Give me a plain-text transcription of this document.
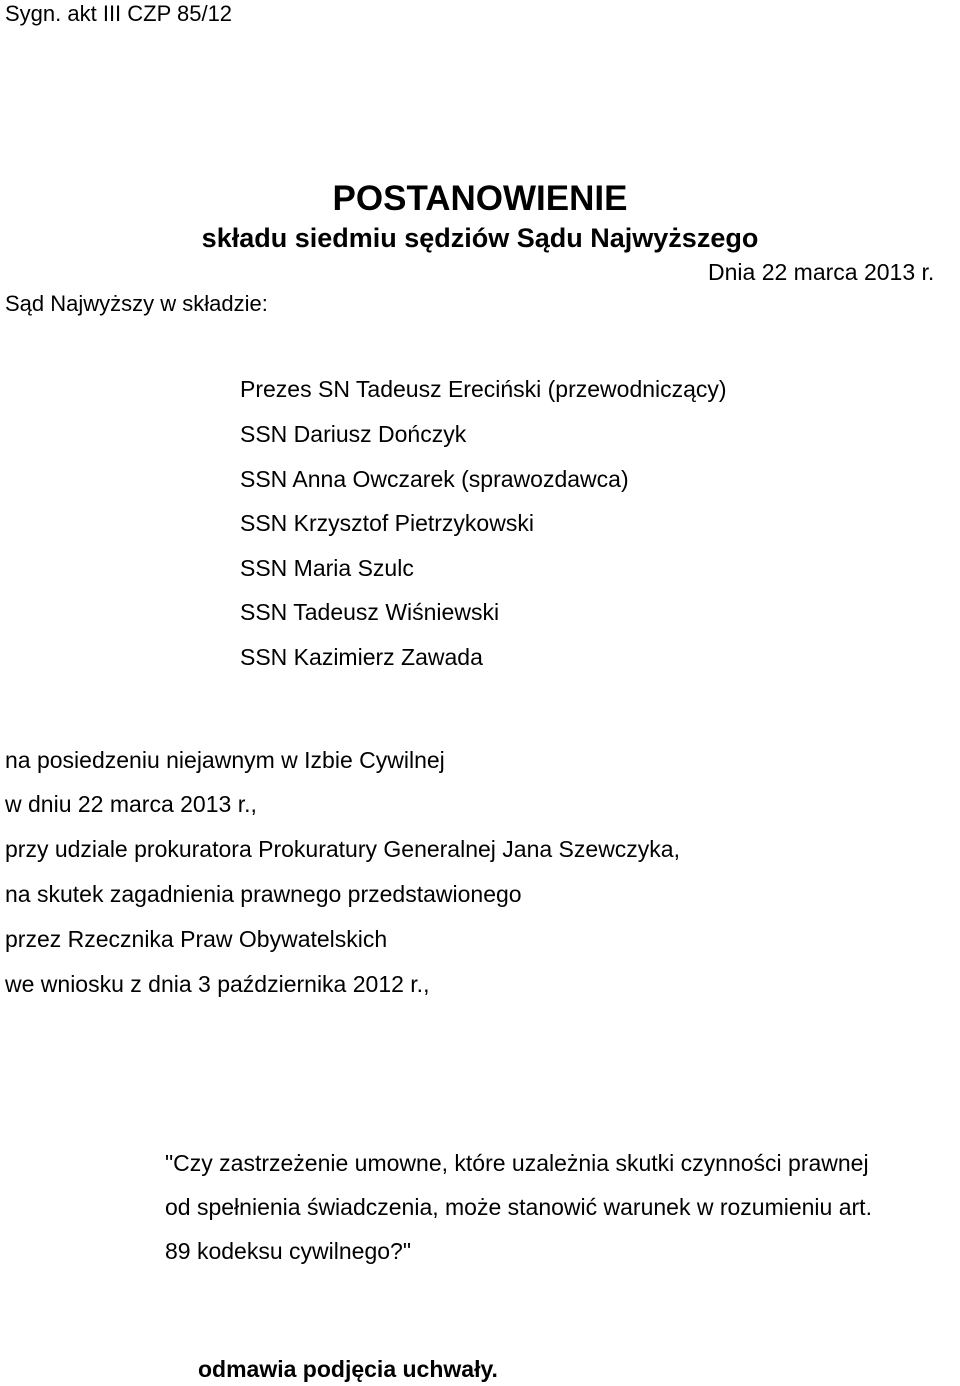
Sygn. akt III CZP 85/12
POSTANOWIENIE
składu siedmiu sędziów Sądu Najwyższego
Dnia 22 marca 2013 r.
Sąd Najwyższy w składzie:
Prezes SN Tadeusz Ereciński (przewodniczący)
SSN Dariusz Dończyk
SSN Anna Owczarek (sprawozdawca)
SSN Krzysztof Pietrzykowski
SSN Maria Szulc
SSN Tadeusz Wiśniewski
SSN Kazimierz Zawada
na posiedzeniu niejawnym w Izbie Cywilnej
w dniu 22 marca 2013 r.,
przy udziale prokuratora Prokuratury Generalnej Jana Szewczyka,
na skutek zagadnienia prawnego przedstawionego
przez Rzecznika Praw Obywatelskich
we wniosku z dnia 3 października 2012 r.,
"Czy zastrzeżenie umowne, które uzależnia skutki czynności prawnej
od spełnienia świadczenia, może stanowić warunek w rozumieniu art.
89 kodeksu cywilnego?"
odmawia podjęcia uchwały.
